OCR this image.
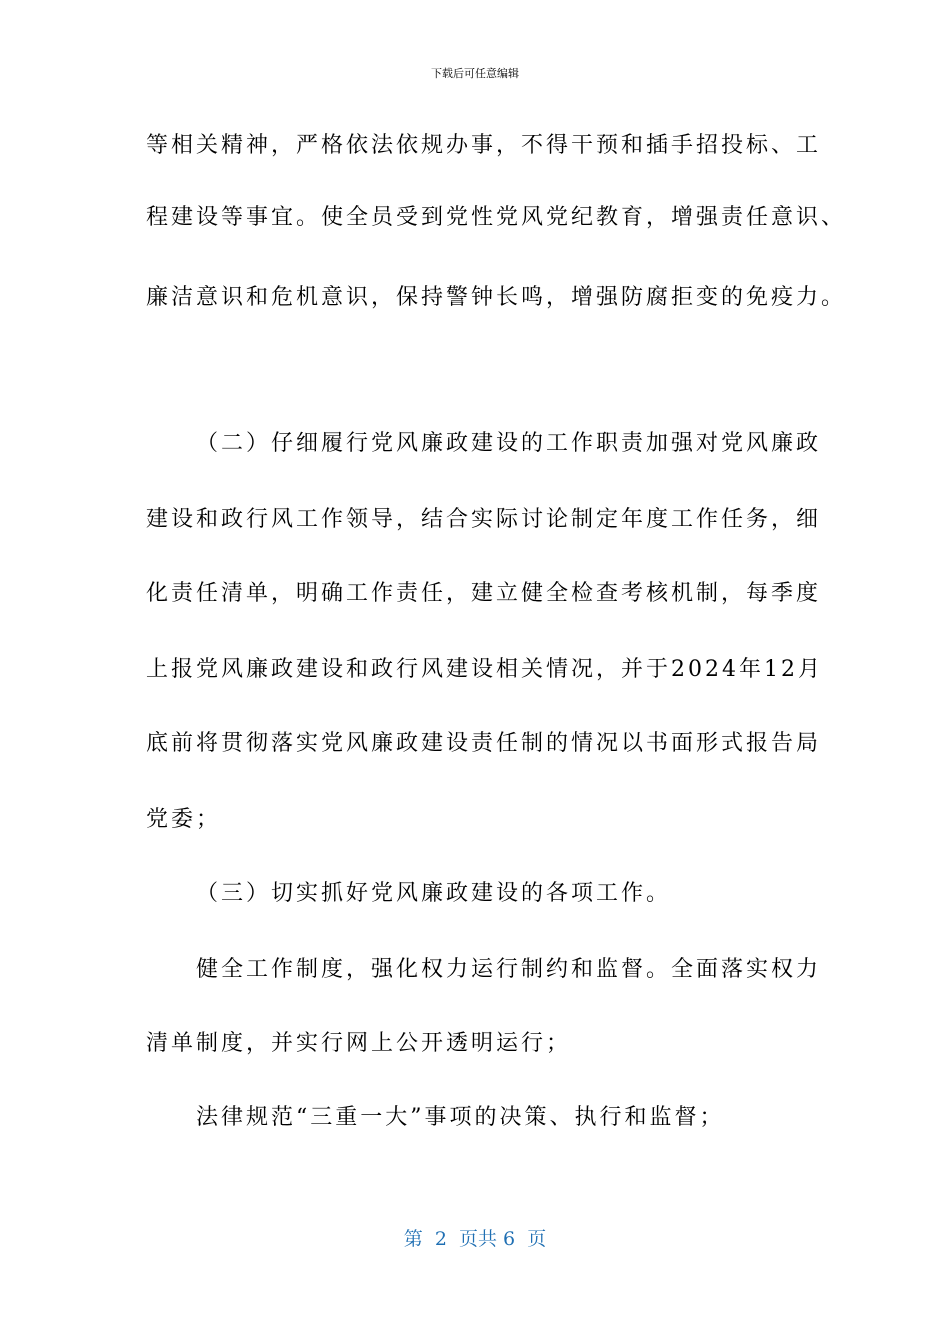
下载后可任意编辑
等相关精神，严格依法依规办事，不得干预和插手招投标、工
程建设等事宜。使全员受到党性党风党纪教育，增强责任意识、
廉洁意识和危机意识，保持警钟长鸣，增强防腐拒变的免疫力。
（二）仔细履行党风廉政建设的工作职责加强对党风廉政
建设和政行风工作领导，结合实际讨论制定年度工作任务，细
化责任清单，明确工作责任，建立健全检查考核机制，每季度
上报党风廉政建设和政行风建设相关情况，并于2024年12月
底前将贯彻落实党风廉政建设责任制的情况以书面形式报告局
党委；
（三）切实抓好党风廉政建设的各项工作。
健全工作制度，强化权力运行制约和监督。全面落实权力
清单制度，并实行网上公开透明运行；
法律规范“三重一大”事项的决策、执行和监督；
第  2  页共 6  页
